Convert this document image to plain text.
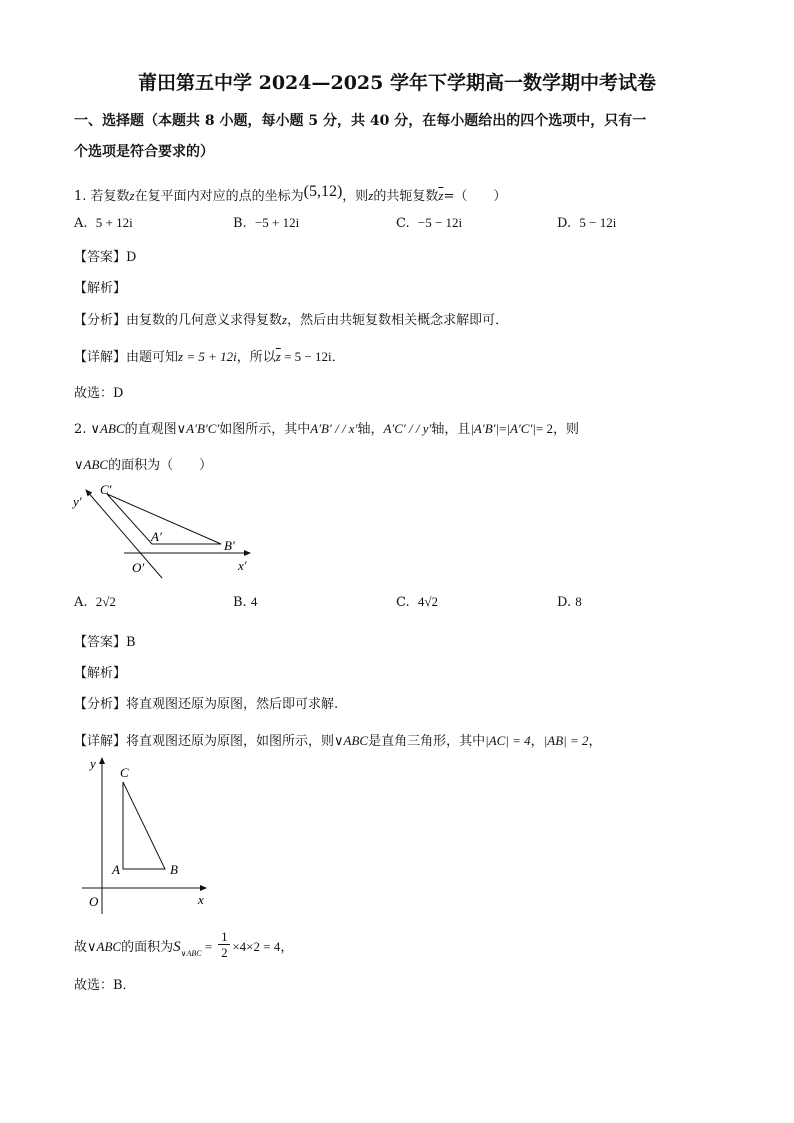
莆田第五中学 2024—2025 学年下学期高一数学期中考试卷
一、选择题（本题共 8 小题，每小题 5 分，共 40 分，在每小题给出的四个选项中，只有一
个选项是符合要求的）
1. 若复数z在复平面内对应的点的坐标为(5,12)，则z的共轭复数$\overline{z}=$（　　）
A. 5 + 12i	B. −5 + 12i	C. −5 − 12i	D. 5 − 12i
【答案】D
【解析】
【分析】由复数的几何意义求得复数z，然后由共轭复数相关概念求解即可．
【详解】由题可知z = 5 + 12i，所以$\overline{z} = 5 - 12i$．
故选：D
2. ∨ABC的直观图∨A′B′C′如图所示，其中A′B′ / / x′轴，A′C′ / / y′轴，且|A′B′|=|A′C′|= 2，则
∨ABC的面积为（　　）
y′
C′
A′
B′
O′	x′
A. 2√2	B. 4	C. 4√2	D. 8
【答案】B
【解析】
【分析】将直观图还原为原图，然后即可求解.
【详解】将直观图还原为原图，如图所示，则∨ABC是直角三角形，其中|AC| = 4，|AB| = 2，
y
C
A	B
O	x
故∨ABC的面积为$S_{\vee ABC} = \frac{1}{2} \times 4\times 2 = 4$，
故选：B．
